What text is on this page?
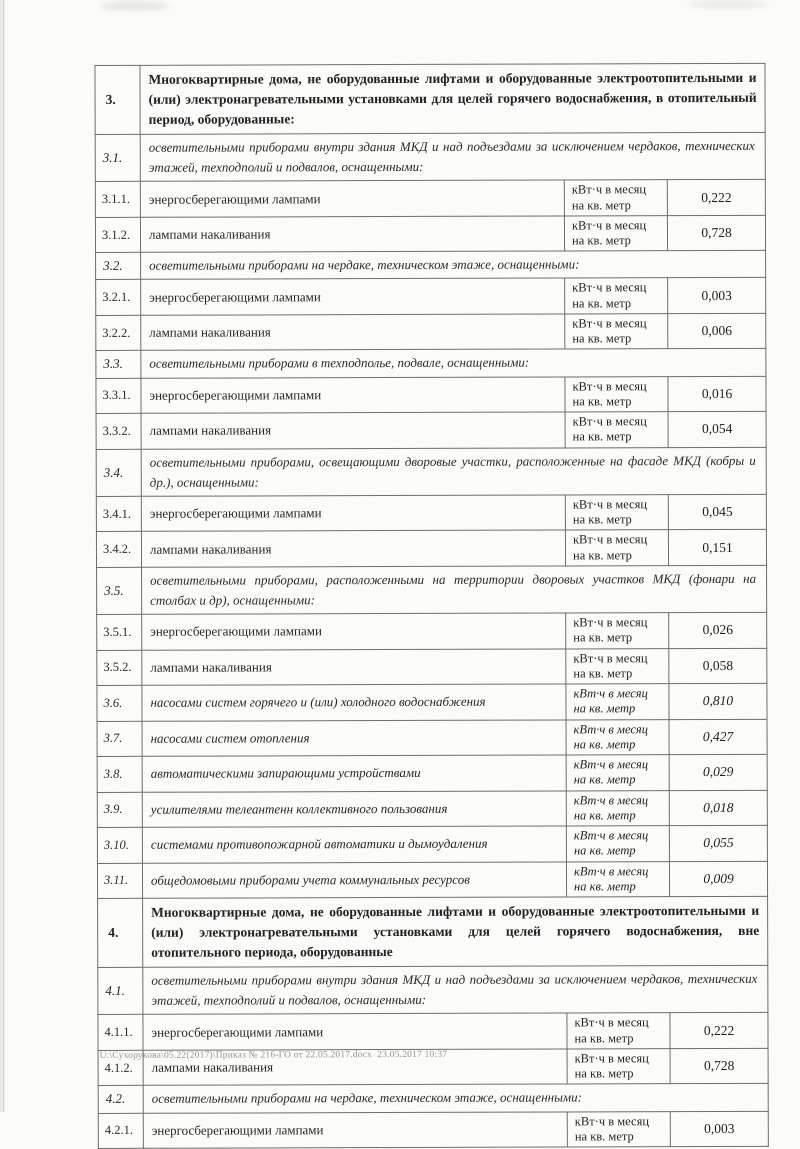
3.	Многоквартирные дома, не оборудованные лифтами и оборудованные электроотопительными и (или) электронагревательными установками для целей горячего водоснабжения, в отопительный период, оборудованные:		
3.1.	осветительными приборами внутри здания МКД и над подъездами за исключением чердаков, технических этажей, техподполий и подвалов, оснащенными:		
3.1.1.	энергосберегающими лампами	кВт·ч в месяц
на кв. метр	0,222
3.1.2.	лампами накаливания	кВт·ч в месяц
на кв. метр	0,728
3.2.	осветительными приборами на чердаке, техническом этаже, оснащенными:		
3.2.1.	энергосберегающими лампами	кВт·ч в месяц
на кв. метр	0,003
3.2.2.	лампами накаливания	кВт·ч в месяц
на кв. метр	0,006
3.3.	осветительными приборами в техподполье, подвале, оснащенными:		
3.3.1.	энергосберегающими лампами	кВт·ч в месяц
на кв. метр	0,016
3.3.2.	лампами накаливания	кВт·ч в месяц
на кв. метр	0,054
3.4.	осветительными приборами, освещающими дворовые участки, расположенные на фасаде МКД (кобры и др.), оснащенными:		
3.4.1.	энергосберегающими лампами	кВт·ч в месяц
на кв. метр	0,045
3.4.2.	лампами накаливания	кВт·ч в месяц
на кв. метр	0,151
3.5.	осветительными приборами, расположенными на территории дворовых участков МКД (фонари на столбах и др), оснащенными:		
3.5.1.	энергосберегающими лампами	кВт·ч в месяц
на кв. метр	0,026
3.5.2.	лампами накаливания	кВт·ч в месяц
на кв. метр	0,058
3.6.	насосами систем горячего и (или) холодного водоснабжения	кВт·ч в месяц
на кв. метр	0,810
3.7.	насосами систем отопления	кВт·ч в месяц
на кв. метр	0,427
3.8.	автоматическими запирающими устройствами	кВт·ч в месяц
на кв. метр	0,029
3.9.	усилителями телеантенн коллективного пользования	кВт·ч в месяц
на кв. метр	0,018
3.10.	системами противопожарной автоматики и дымоудаления	кВт·ч в месяц
на кв. метр	0,055
3.11.	общедомовыми приборами учета коммунальных ресурсов	кВт·ч в месяц
на кв. метр	0,009
4.	Многоквартирные дома, не оборудованные лифтами и оборудованные электроотопительными и (или) электронагревательными установками для целей горячего водоснабжения, вне отопительного периода, оборудованные		
4.1.	осветительными приборами внутри здания МКД и над подъездами за исключением чердаков, технических этажей, техподполий и подвалов, оснащенными:		
4.1.1.	энергосберегающими лампами	кВт·ч в месяц
на кв. метр	0,222
4.1.2.	лампами накаливания	кВт·ч в месяц
на кв. метр	0,728
4.2.	осветительными приборами на чердаке, техническом этаже, оснащенными:		
4.2.1.	энергосберегающими лампами	кВт·ч в месяц
на кв. метр	0,003
U:\Сухорукова\05.22(2017)\Приказ № 216-ГО от 22.05.2017.docx  23.05.2017 10:37
